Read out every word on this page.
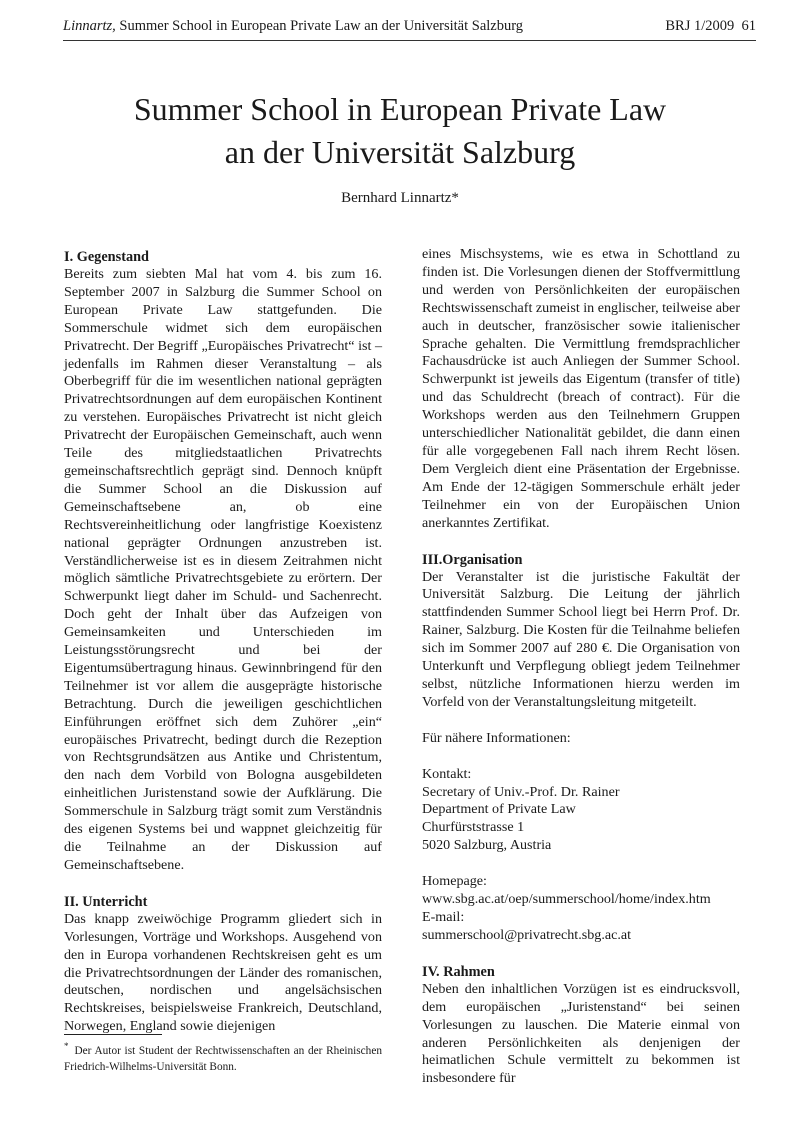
Linnartz, Summer School in European Private Law an der Universität Salzburg	BRJ 1/2009 61
Summer School in European Private Law
an der Universität Salzburg
Bernhard Linnartz*
I. Gegenstand

Bereits zum siebten Mal hat vom 4. bis zum 16. September 2007 in Salzburg die Summer School on European Private Law stattgefunden. Die Sommerschule widmet sich dem europäischen Privatrecht. Der Begriff „Europäisches Privatrecht“ ist – jedenfalls im Rahmen dieser Veranstaltung – als Oberbegriff für die im wesentlichen national geprägten Privatrechtsordnungen auf dem europäischen Kontinent zu verstehen. Europäisches Privatrecht ist nicht gleich Privatrecht der Europäischen Gemeinschaft, auch wenn Teile des mitgliedstaatlichen Privatrechts gemeinschaftsrechtlich geprägt sind. Dennoch knüpft die Summer School an die Diskussion auf Gemeinschaftsebene an, ob eine Rechtsvereinheitlichung oder langfristige Koexistenz national geprägter Ordnungen anzustreben ist. Verständlicherweise ist es in diesem Zeitrahmen nicht möglich sämtliche Privatrechtsgebiete zu erörtern. Der Schwerpunkt liegt daher im Schuld- und Sachenrecht. Doch geht der Inhalt über das Aufzeigen von Gemeinsamkeiten und Unterschieden im Leistungsstörungsrecht und bei der Eigentumsübertragung hinaus. Gewinnbringend für den Teilnehmer ist vor allem die ausgeprägte historische Betrachtung. Durch die jeweiligen geschichtlichen Einführungen eröffnet sich dem Zuhörer „ein“ europäisches Privatrecht, bedingt durch die Rezeption von Rechtsgrundsätzen aus Antike und Christentum, den nach dem Vorbild von Bologna ausgebildeten einheitlichen Juristenstand sowie der Aufklärung. Die Sommerschule in Salzburg trägt somit zum Verständnis des eigenen Systems bei und wappnet gleichzeitig für die Teilnahme an der Diskussion auf Gemeinschaftsebene.

II. Unterricht

Das knapp zweiwöchige Programm gliedert sich in Vorlesungen, Vorträge und Workshops. Ausgehend von den in Europa vorhandenen Rechtskreisen geht es um die Privatrechtsordnungen der Länder des romanischen, deutschen, nordischen und angelsächsischen Rechtskreises, beispielsweise Frankreich, Deutschland, Norwegen, England sowie diejenigen

eines Mischsystems, wie es etwa in Schottland zu finden ist. Die Vorlesungen dienen der Stoffvermittlung und werden von Persönlichkeiten der europäischen Rechtswissenschaft zumeist in englischer, teilweise aber auch in deutscher, französischer sowie italienischer Sprache gehalten. Die Vermittlung fremdsprachlicher Fachausdrücke ist auch Anliegen der Summer School. Schwerpunkt ist jeweils das Eigentum (transfer of title) und das Schuldrecht (breach of contract). Für die Workshops werden aus den Teilnehmern Gruppen unterschiedlicher Nationalität gebildet, die dann einen für alle vorgegebenen Fall nach ihrem Recht lösen. Dem Vergleich dient eine Präsentation der Ergebnisse. Am Ende der 12-tägigen Sommerschule erhält jeder Teilnehmer ein von der Europäischen Union anerkanntes Zertifikat.

III.Organisation

Der Veranstalter ist die juristische Fakultät der Universität Salzburg. Die Leitung der jährlich stattfindenden Summer School liegt bei Herrn Prof. Dr. Rainer, Salzburg. Die Kosten für die Teilnahme beliefen sich im Sommer 2007 auf 280 €. Die Organisation von Unterkunft und Verpflegung obliegt jedem Teilnehmer selbst, nützliche Informationen hierzu werden im Vorfeld von der Veranstaltungsleitung mitgeteilt.

Für nähere Informationen:

Kontakt:

Secretary of Univ.-Prof. Dr. Rainer

Department of Private Law

Churfürststrasse 1

5020 Salzburg, Austria

Homepage:

www.sbg.ac.at/oep/summerschool/home/index.htm

E-mail:

summerschool@privatrecht.sbg.ac.at

IV. Rahmen

Neben den inhaltlichen Vorzügen ist es eindrucksvoll, dem europäischen „Juristenstand“ bei seinen Vorlesungen zu lauschen. Die Materie einmal von anderen Persönlichkeiten als denjenigen der heimatlichen Schule vermittelt zu bekommen ist insbesondere für

* Der Autor ist Student der Rechtwissenschaften an der Rheinischen Friedrich-Wilhelms-Universität Bonn.
